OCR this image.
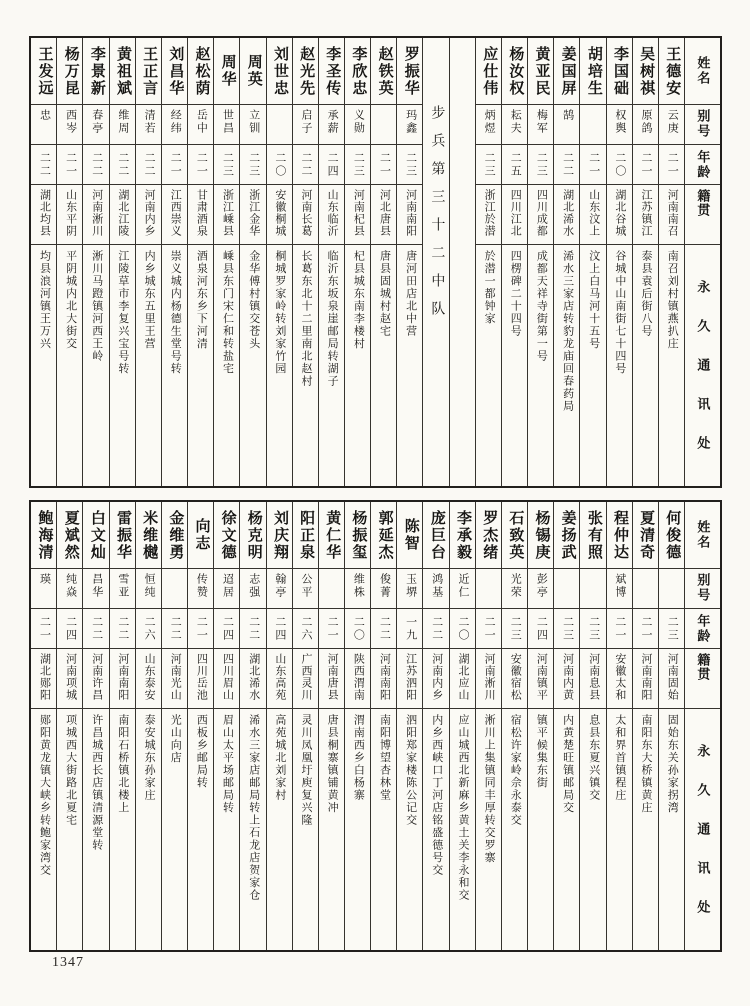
姓名
别号
年龄
籍贯
永久通讯处
王德安
云庚
二一
河南南召
南召刘村镇燕扒庄
吴树祺
原鸽
二一
江苏镇江
泰县袁后街八号
李国础
权舆
二〇
湖北谷城
谷城中山南街七十四号
胡培生
二一
山东汶上
汶上白马河十五号
姜国屏
鹄
二二
湖北浠水
浠水三家店转豹龙庙回春药局
黄亚民
梅军
二三
四川成都
成都天祥寺街第一号
杨汝权
耘夫
二五
四川江北
四楞碑二十四号
应仕伟
炳煜
二三
浙江於潜
於潜一都钟家
步兵第三十二中队
罗振华
玛鑫
二三
河南南阳
唐河田店北中营
赵铁英
二一
河北唐县
唐县固城村赵宅
李欣忠
义勋
二三
河南杞县
杞县城东南李楼村
李圣传
承薪
二四
山东临沂
临沂东坂泉崖邮局转湖子
赵光先
启子
二二
河南长葛
长葛东北十二里南北赵村
刘世忠
二〇
安徽桐城
桐城罗家岭转刘家竹园
周英
立钏
二三
浙江金华
金华傅村镇交苍头
周华
世昌
二三
浙江嵊县
嵊县东门宋仁和转盐宅
赵松荫
岳中
二一
甘肃酒泉
酒泉河东乡下河清
刘昌华
经纬
二一
江西崇义
崇义城内杨德生堂号转
王正言
清若
二二
河南内乡
内乡城东五里王营
黄祖斌
维周
二二
湖北江陵
江陵草市李复兴宝号转
李景新
春亭
二二
河南淅川
淅川马蹬镇河西王岭
杨万昆
西岑
二一
山东平阴
平阴城内北大街交
王发远
忠
二二
湖北均县
均县浪河镇王万兴
姓名
别号
年龄
籍贯
永久通讯处
何俊德
二三
河南固始
固始东关孙家拐湾
夏清奇
二一
河南南阳
南阳东大桥镇黄庄
程仲达
斌博
二一
安徽太和
太和界首镇程庄
张有照
二三
河南息县
息县东夏兴镇交
姜扬武
二三
河南内黄
内黄楚旺镇邮局交
杨锡庚
彭亭
二四
河南镇平
镇平候集东街
石致英
光荣
二三
安徽宿松
宿松许家岭佘永泰交
罗杰绪
二一
河南淅川
淅川上集镇同丰厚转交罗寨
李承毅
近仁
二〇
湖北应山
应山城西北新麻乡黄土关李永和交
庞巨台
鸿基
二二
河南内乡
内乡西峡口丁河店铭盛德号交
陈智
玉堺
一九
江苏泗阳
泗阳郑家楼陈公记交
郭延杰
俊菁
二二
河南南阳
南阳博望杏林堂
杨振玺
维株
二〇
陕西渭南
渭南西乡白杨寨
黄仁华
二一
河南唐县
唐县桐寨镇铺黄冲
阳正泉
公平
二六
广西灵川
灵川凤凰圩庾复兴隆
刘庆翔
翰亭
二四
山东高苑
高苑城北刘家村
杨克明
志强
二二
湖北浠水
浠水三家店邮局转上石龙店贺家仓
徐文德
迢居
二四
四川眉山
眉山太平场邮局转
向志
传赞
二一
四川岳池
西板乡邮局转
金维勇
二二
河南光山
光山向店
米维樾
恒纯
二六
山东泰安
泰安城东孙家庄
雷振华
雪亚
二二
河南南阳
南阳石桥镇北楼上
白文灿
昌华
二二
河南许昌
许昌城西长店镇清源堂转
夏斌然
纯焱
二四
河南项城
项城西大街路北夏宅
鲍海清
瑛
二一
湖北郧阳
郧阳黄龙镇大峡乡转鲍家湾交
1347
